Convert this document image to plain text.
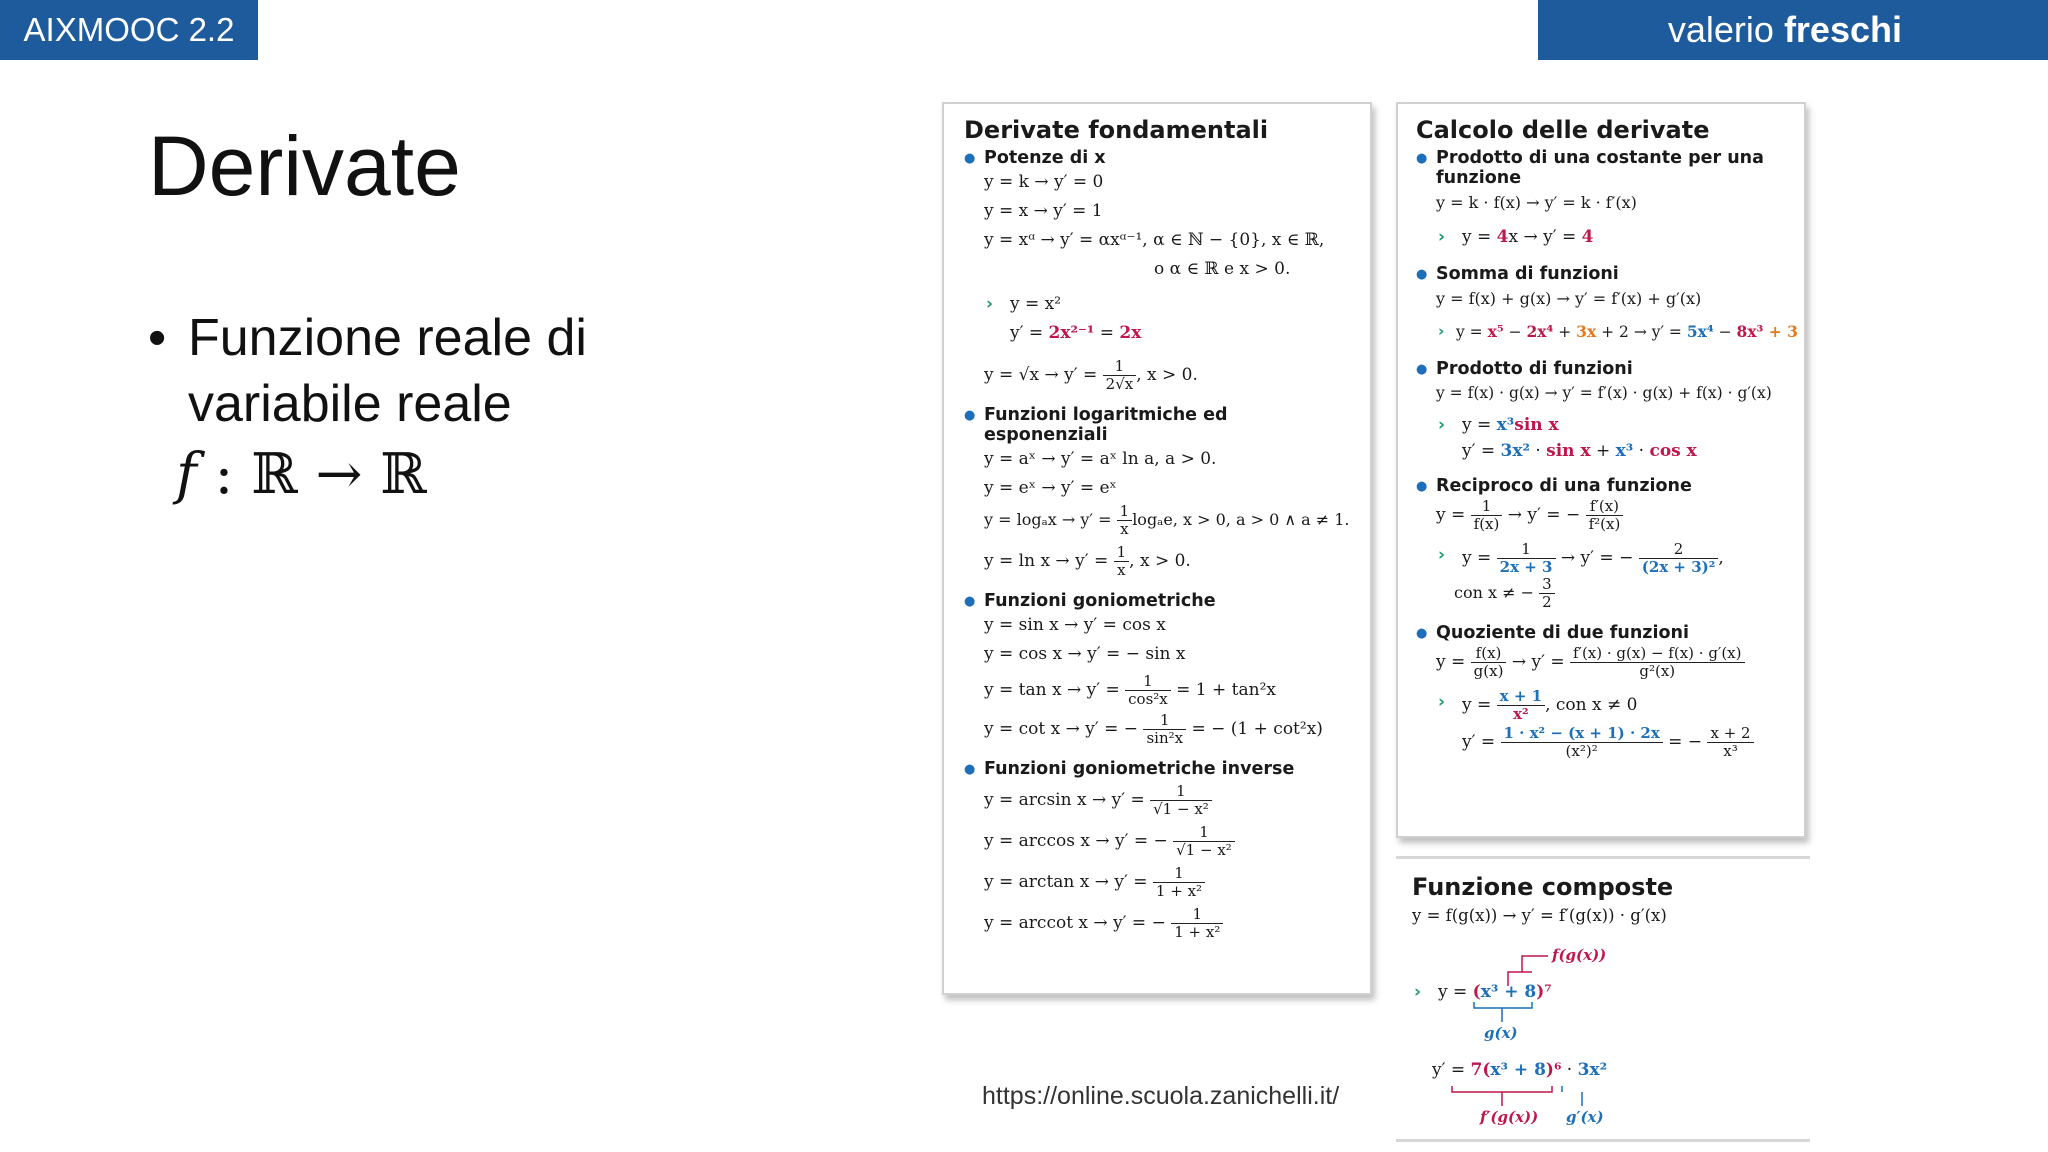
AIXMOOC 2.2	valerio freschi
Derivate
• Funzione reale di
variabile reale
f : ℝ → ℝ
Derivate fondamentali
● Potenze di x
y = k → y′ = 0
y = x → y′ = 1
y = xᵅ → y′ = αxᵅ⁻¹, α ∈ ℕ − {0}, x ∈ ℝ,
o α ∈ ℝ e x > 0.
› y = x²
y′ = 2x²⁻¹ = 2x
$y = √x \to y' = \frac{1}{2√x}$ , x > 0.
● Funzioni logaritmiche ed esponenziali
y = aˣ → y′ = aˣ ln a, a > 0.
y = eˣ → y′ = eˣ
$y = \log_ax \to y' = \frac{1}{x} \log_ae$, x > 0, a > 0 ∧ a ≠ 1.
$y = \ln x \to y' = \frac{1}{x}$ , x > 0.
● Funzioni goniometriche
y = sin x → y′ = cos x
y = cos x → y′ = − sin x
$y = \tan x \to y' = \frac{1}{\text{cos²x}} = 1 + \tan^2x$
y = cot x → y′ = − $\frac{1}{\text{sin²x}}$ = − (1 + cot²x)
● Funzioni goniometriche inverse
$y = \arcsin x \to y' = \frac{1}{\text{√1 − x²}}$
y = arccos x → y′ = − $\frac{1}{\text{√1 − x²}}$
$y = \arctan x \to y' = \frac{1}{\text{1 + x²}}$
y = arccot x → y′ = − $\frac{1}{\text{1 + x²}}$
Calcolo delle derivate
● Prodotto di una costante per una
funzione
y = k · f(x) → y′ = k · f′(x)
› y = 4x → y′ = 4
● Somma di funzioni
y = f(x) + g(x) → y′ = f′(x) + g′(x)
› y = x⁵ − 2x⁴ + 3x + 2 → y′ = 5x⁴ − 8x³ + 3
● Prodotto di funzioni
y = f(x) · g(x) → y′ = f′(x) · g(x) + f(x) · g′(x)
› y = x³sin x
y′ = 3x² · sin x + x³ · cos x
● Reciproco di una funzione
$y = \frac{1}{f(x)} \to y'$ = − $\frac{f'(x)}{\text{f²(x)}}$
› $y = \frac{1}{2x + 3} \to y'$ = − $\frac{2}{\text{(2x + 3)²}}$ ,
con x ≠ − $\frac{3}{2}$
● Quoziente di due funzioni
$y = \frac{f(x)}{g(x)} \to y' = \frac{f'(x) \cdot g(x) - f(x) \cdot g'(x)}{\text{g²(x)}}$
› $y = \frac{x + 1}{\text{x²}}$ , con x ≠ 0
$y' = \frac{\text{1 · x² − (x + 1) · 2x}}{\text{(x²)²}}$ = − $\frac{x + 2}{\text{x³}}$
Funzione composte
y = f(g(x)) → y′ = f′(g(x)) · g′(x)
f(g(x))
› y = (x³ + 8)⁷
g(x)
y′ = 7(x³ + 8)⁶ · 3x²
f′(g(x)) g′(x)
https://online.scuola.zanichelli.it/
